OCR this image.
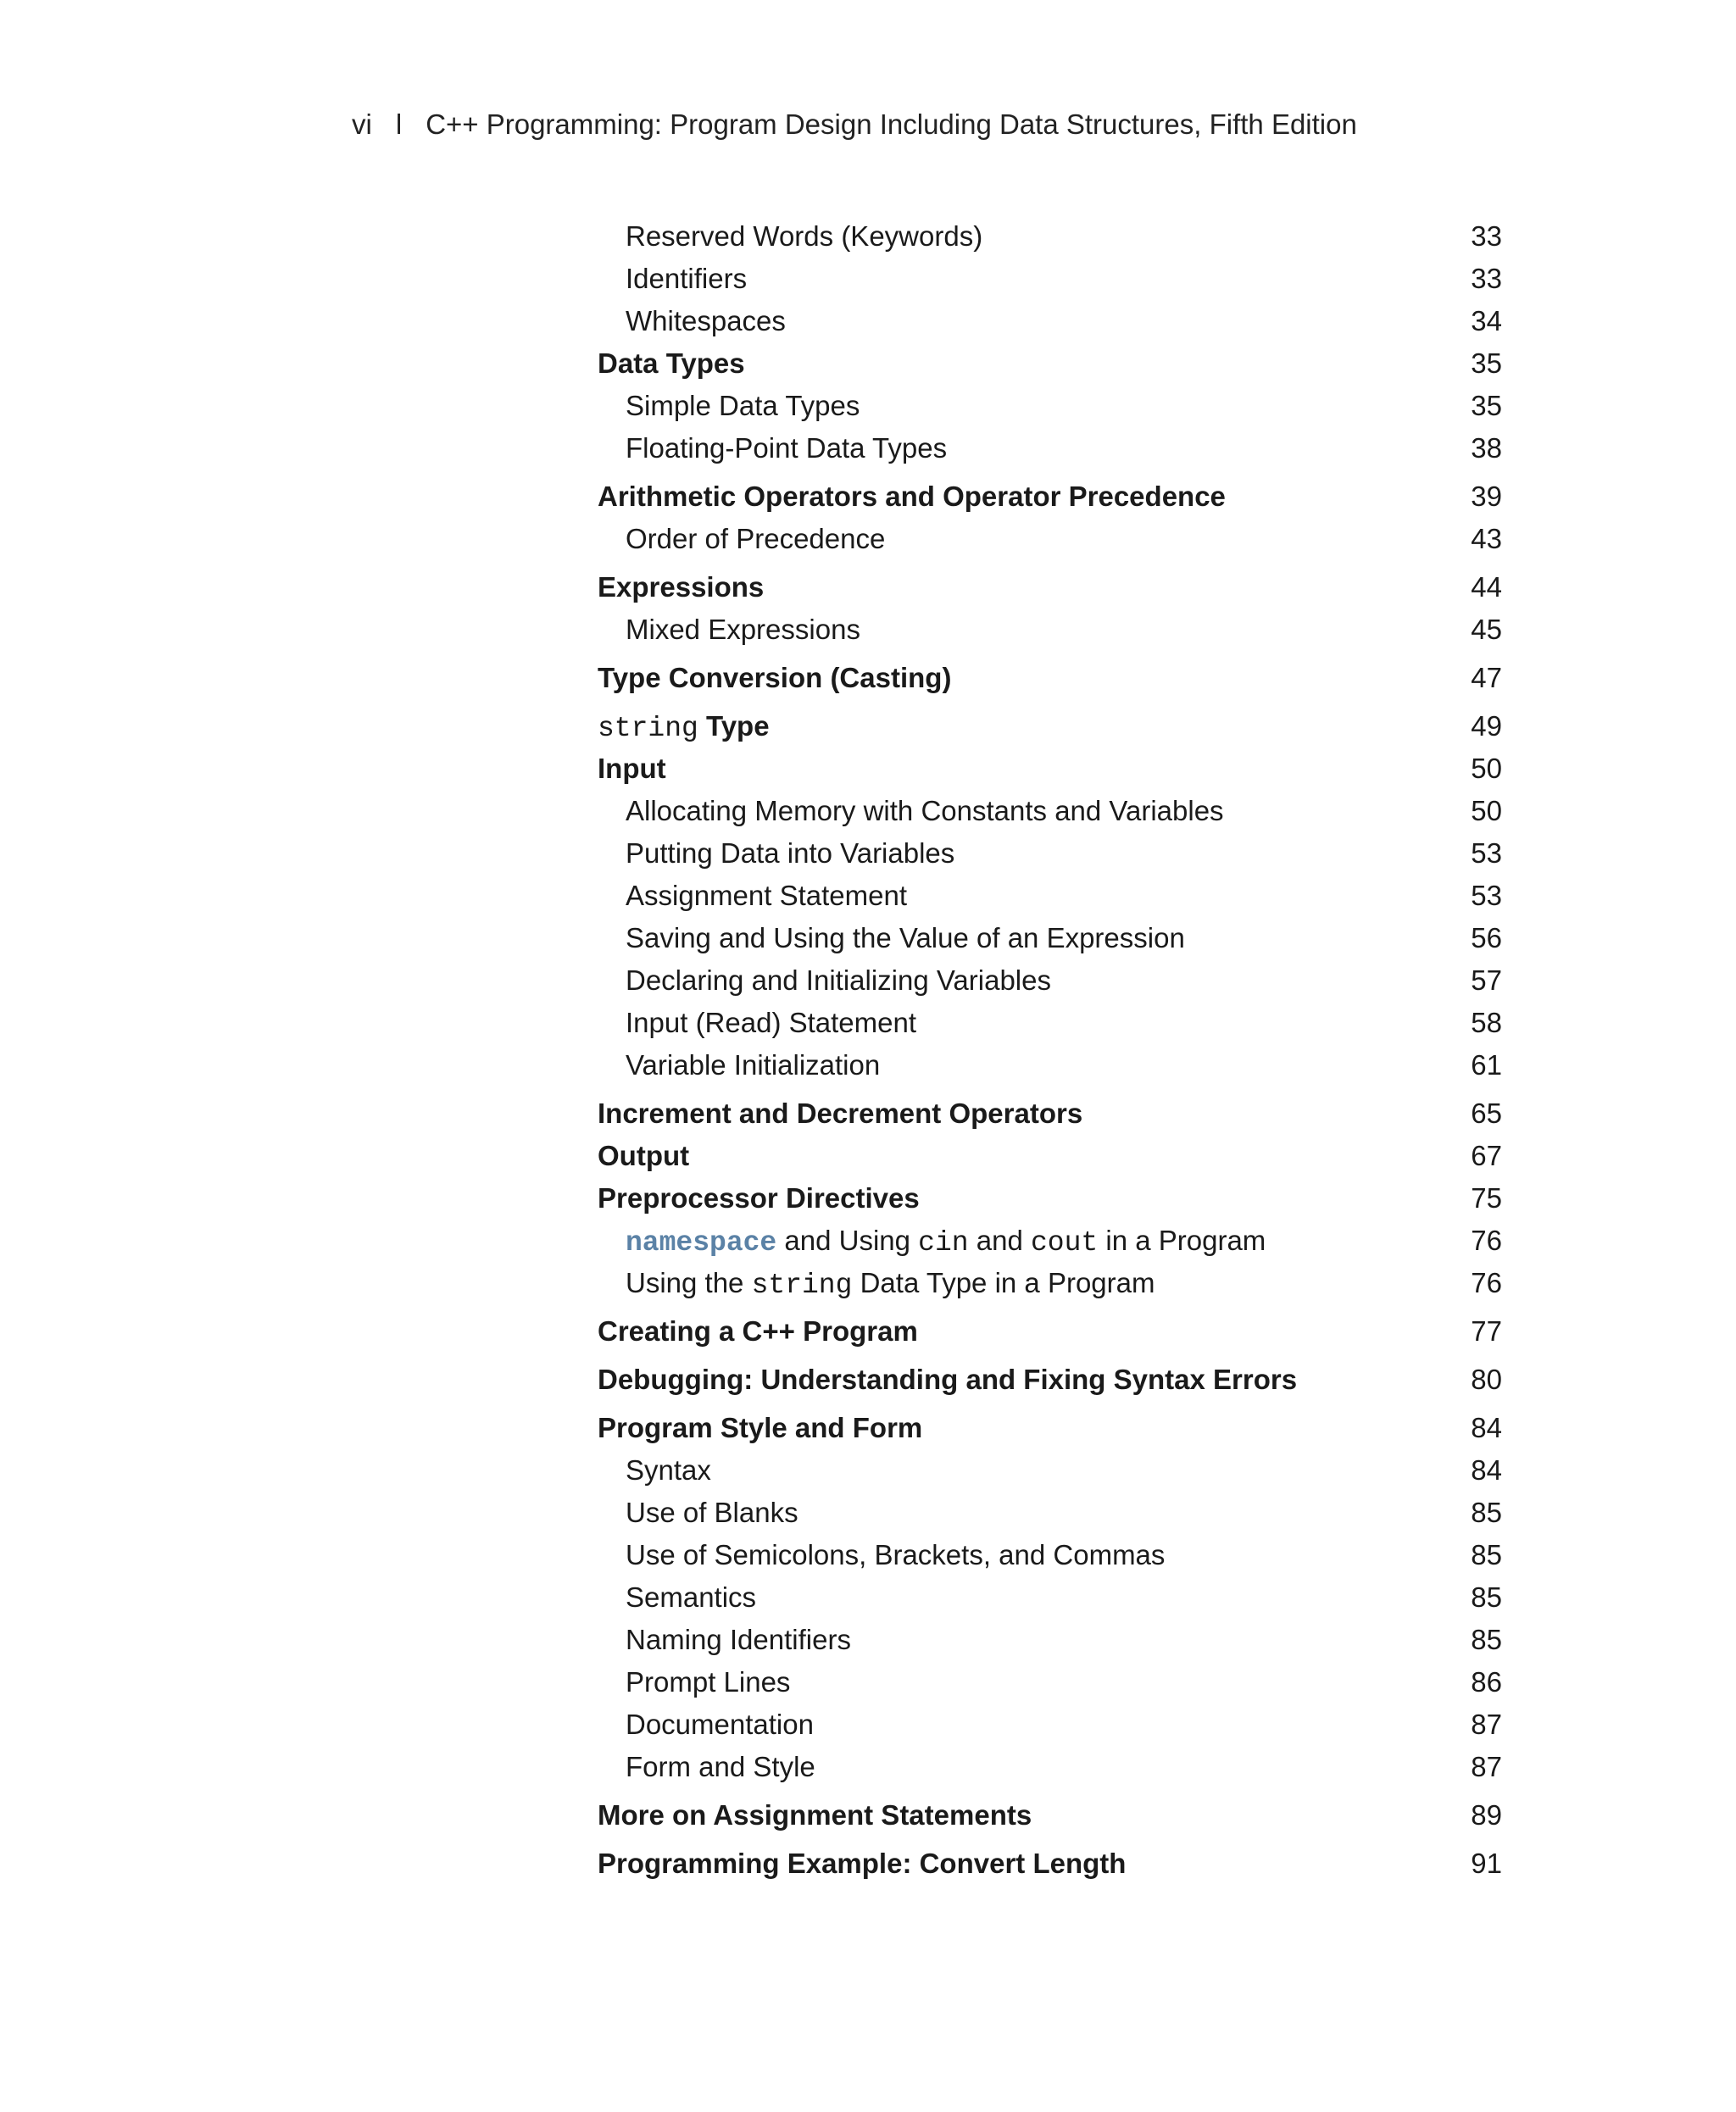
vi l C++ Programming: Program Design Including Data Structures, Fifth Edition
Reserved Words (Keywords)	33
Identifiers	33
Whitespaces	34
Data Types	35
Simple Data Types	35
Floating-Point Data Types	38
Arithmetic Operators and Operator Precedence	39
Order of Precedence	43
Expressions	44
Mixed Expressions	45
Type Conversion (Casting)	47
string Type	49
Input	50
Allocating Memory with Constants and Variables	50
Putting Data into Variables	53
Assignment Statement	53
Saving and Using the Value of an Expression	56
Declaring and Initializing Variables	57
Input (Read) Statement	58
Variable Initialization	61
Increment and Decrement Operators	65
Output	67
Preprocessor Directives	75
namespace and Using cin and cout in a Program	76
Using the string Data Type in a Program	76
Creating a C++ Program	77
Debugging: Understanding and Fixing Syntax Errors	80
Program Style and Form	84
Syntax	84
Use of Blanks	85
Use of Semicolons, Brackets, and Commas	85
Semantics	85
Naming Identifiers	85
Prompt Lines	86
Documentation	87
Form and Style	87
More on Assignment Statements	89
Programming Example: Convert Length	91
